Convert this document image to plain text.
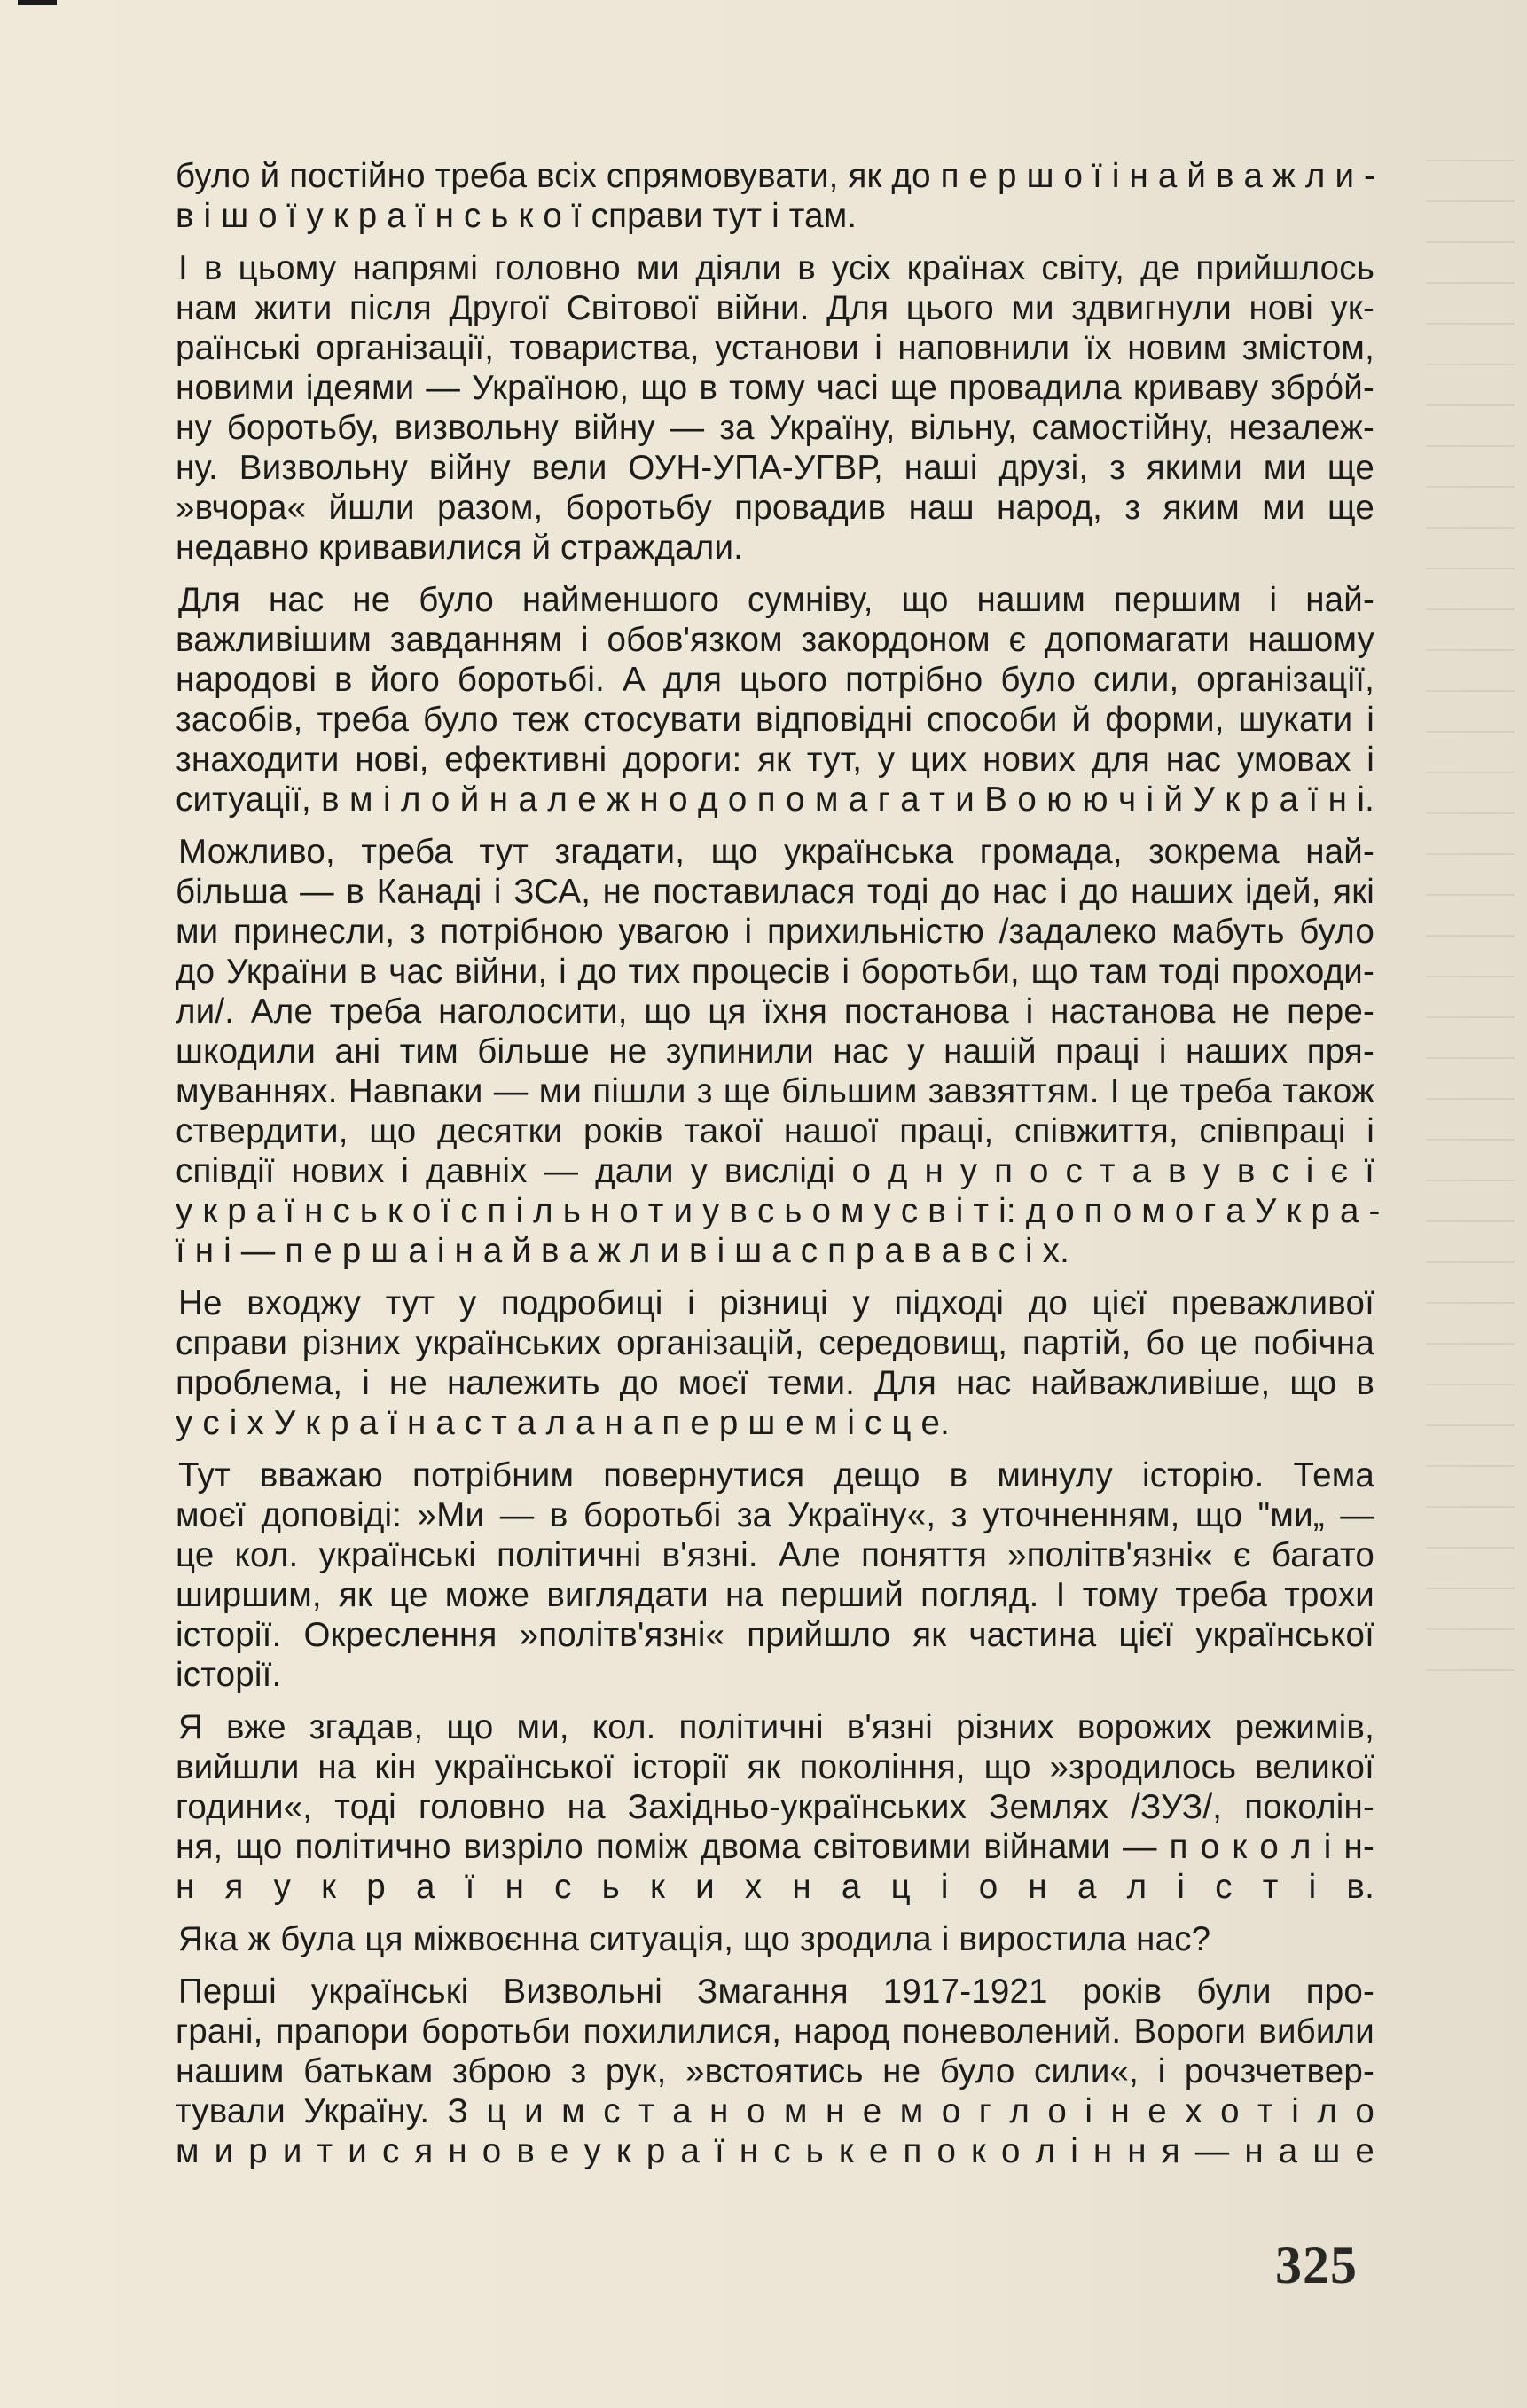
було й постійно треба всіх спрямовувати, як до п е р ш о ї і н а й в а ж л и -
в і ш о ї у к р а ї н с ь к о ї справи тут і там.
І в цьому напрямі головно ми діяли в усіх країнах світу, де прийшлось
нам жити після Другої Світової війни. Для цього ми здвигнули нові ук-
раїнські організації, товариства, установи і наповнили їх новим змістом,
новими ідеями — Україною, що в тому часі ще провадила криваву збрόй-
ну боротьбу, визвольну війну — за Україну, вільну, самостійну, незалеж-
ну. Визвольну війну вели ОУН-УПА-УГВР, наші друзі, з якими ми ще
»вчора« йшли разом, боротьбу провадив наш народ, з яким ми ще
недавно кривавилися й страждали.
Для нас не було найменшого сумніву, що нашим першим і най-
важливішим завданням і обов'язком закордоном є допомагати нашому
народові в його боротьбі. А для цього потрібно було сили, організації,
засобів, треба було теж стосувати відповідні способи й форми, шукати і
знаходити нові, ефективні дороги: як тут, у цих нових для нас умовах і
ситуації, в м і л о й н а л е ж н о д о п о м а г а т и В о ю ю ч і й У к р а ї н і.
Можливо, треба тут згадати, що українська громада, зокрема най-
більша — в Канаді і ЗСА, не поставилася тоді до нас і до наших ідей, які
ми принесли, з потрібною увагою і прихильністю /задалеко мабуть було
до України в час війни, і до тих процесів і боротьби, що там тоді проходи-
ли/. Але треба наголосити, що ця їхня постанова і настанова не пере-
шкодили ані тим більше не зупинили нас у нашій праці і наших пря-
муваннях. Навпаки — ми пішли з ще більшим завзяттям. І це треба також
ствердити, що десятки років такої нашої праці, співжиття, співпраці і
співдії нових і давніх — дали у висліді о д н у п о с т а в у в с і є ї
у к р а ї н с ь к о ї с п і л ь н о т и у в с ь о м у с в і т і: д о п о м о г а У к р а -
ї н і — п е р ш а і н а й в а ж л и в і ш а с п р а в а в с і х.
Не входжу тут у подробиці і різниці у підході до цієї преважливої
справи різних українських організацій, середовищ, партій, бо це побічна
проблема, і не належить до моєї теми. Для нас найважливіше, що в
у с і х У к р а ї н а с т а л а н а п е р ш е м і с ц е.
Тут вважаю потрібним повернутися дещо в минулу історію. Тема
моєї доповіді: »Ми — в боротьбі за Україну«, з уточненням, що "ми„ —
це кол. українські політичні в'язні. Але поняття »політв'язні« є багато
ширшим, як це може виглядати на перший погляд. І тому треба трохи
історії. Окреслення »політв'язні« прийшло як частина цієї української
історії.
Я вже згадав, що ми, кол. політичні в'язні різних ворожих режимів,
вийшли на кін української історії як покоління, що »зродилось великої
години«, тоді головно на Західньо-українських Землях /ЗУЗ/, поколін-
ня, що політично визріло поміж двома світовими війнами — п о к о л і н-
н я у к р а ї н с ь к и х н а ц і о н а л і с т і в.
Яка ж була ця міжвоєнна ситуація, що зродила і виростила нас?
Перші українські Визвольні Змагання 1917-1921 років були про-
грані, прапори боротьби похилилися, народ поневолений. Вороги вибили
нашим батькам зброю з рук, »встоятись не було сили«, і рочзчетвер-
тували Україну. З ц и м с т а н о м н е м о г л о і н е х о т і л о
м и р и т и с я н о в е у к р а ї н с ь к е п о к о л і н н я — н а ш е
325
